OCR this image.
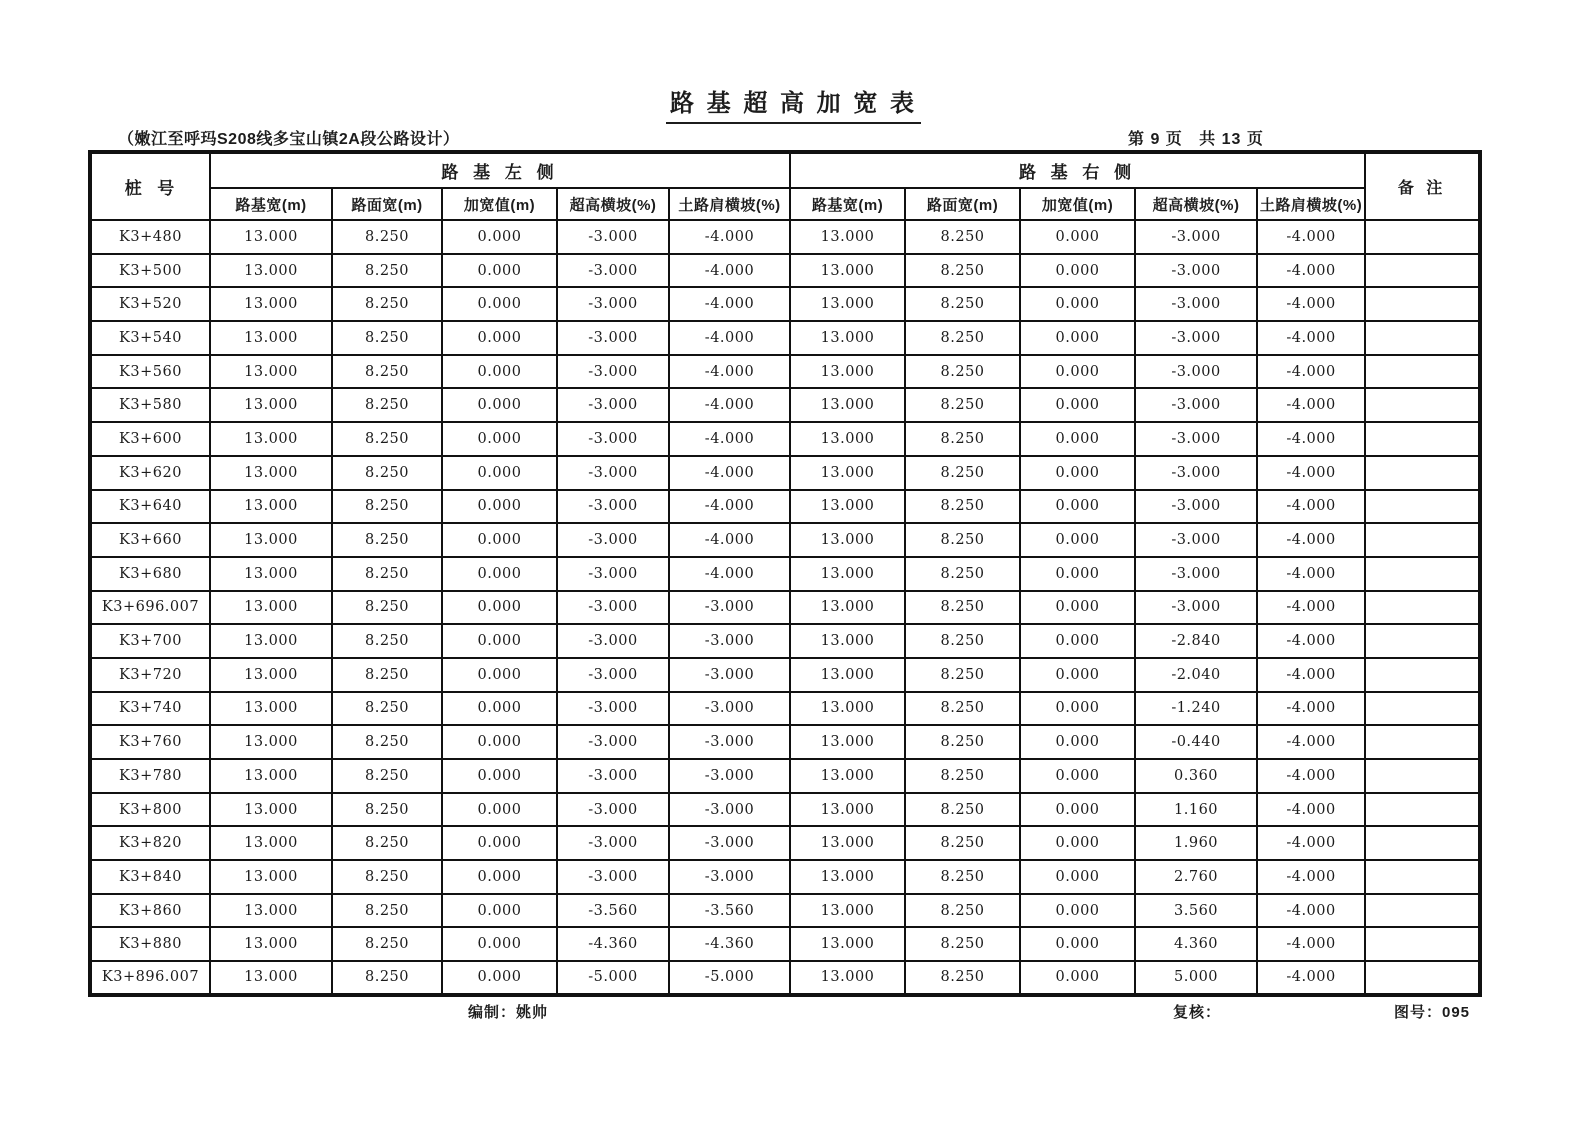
路 基 超 高 加 宽 表
（嫩江至呼玛S208线多宝山镇2A段公路设计）	第 9 页   共 13 页
桩  号	路 基 左 侧					路 基 右 侧					备 注
	路基宽(m)	路面宽(m)	加宽值(m)	超高横坡(%)	土路肩横坡(%)	路基宽(m)	路面宽(m)	加宽值(m)	超高横坡(%)	土路肩横坡(%)	
K3+480	13.000	8.250	0.000	-3.000	-4.000	13.000	8.250	0.000	-3.000	-4.000	
K3+500	13.000	8.250	0.000	-3.000	-4.000	13.000	8.250	0.000	-3.000	-4.000	
K3+520	13.000	8.250	0.000	-3.000	-4.000	13.000	8.250	0.000	-3.000	-4.000	
K3+540	13.000	8.250	0.000	-3.000	-4.000	13.000	8.250	0.000	-3.000	-4.000	
K3+560	13.000	8.250	0.000	-3.000	-4.000	13.000	8.250	0.000	-3.000	-4.000	
K3+580	13.000	8.250	0.000	-3.000	-4.000	13.000	8.250	0.000	-3.000	-4.000	
K3+600	13.000	8.250	0.000	-3.000	-4.000	13.000	8.250	0.000	-3.000	-4.000	
K3+620	13.000	8.250	0.000	-3.000	-4.000	13.000	8.250	0.000	-3.000	-4.000	
K3+640	13.000	8.250	0.000	-3.000	-4.000	13.000	8.250	0.000	-3.000	-4.000	
K3+660	13.000	8.250	0.000	-3.000	-4.000	13.000	8.250	0.000	-3.000	-4.000	
K3+680	13.000	8.250	0.000	-3.000	-4.000	13.000	8.250	0.000	-3.000	-4.000	
K3+696.007	13.000	8.250	0.000	-3.000	-3.000	13.000	8.250	0.000	-3.000	-4.000	
K3+700	13.000	8.250	0.000	-3.000	-3.000	13.000	8.250	0.000	-2.840	-4.000	
K3+720	13.000	8.250	0.000	-3.000	-3.000	13.000	8.250	0.000	-2.040	-4.000	
K3+740	13.000	8.250	0.000	-3.000	-3.000	13.000	8.250	0.000	-1.240	-4.000	
K3+760	13.000	8.250	0.000	-3.000	-3.000	13.000	8.250	0.000	-0.440	-4.000	
K3+780	13.000	8.250	0.000	-3.000	-3.000	13.000	8.250	0.000	0.360	-4.000	
K3+800	13.000	8.250	0.000	-3.000	-3.000	13.000	8.250	0.000	1.160	-4.000	
K3+820	13.000	8.250	0.000	-3.000	-3.000	13.000	8.250	0.000	1.960	-4.000	
K3+840	13.000	8.250	0.000	-3.000	-3.000	13.000	8.250	0.000	2.760	-4.000	
K3+860	13.000	8.250	0.000	-3.560	-3.560	13.000	8.250	0.000	3.560	-4.000	
K3+880	13.000	8.250	0.000	-4.360	-4.360	13.000	8.250	0.000	4.360	-4.000	
K3+896.007	13.000	8.250	0.000	-5.000	-5.000	13.000	8.250	0.000	5.000	-4.000	
编制：姚帅	复核：	图号：095
